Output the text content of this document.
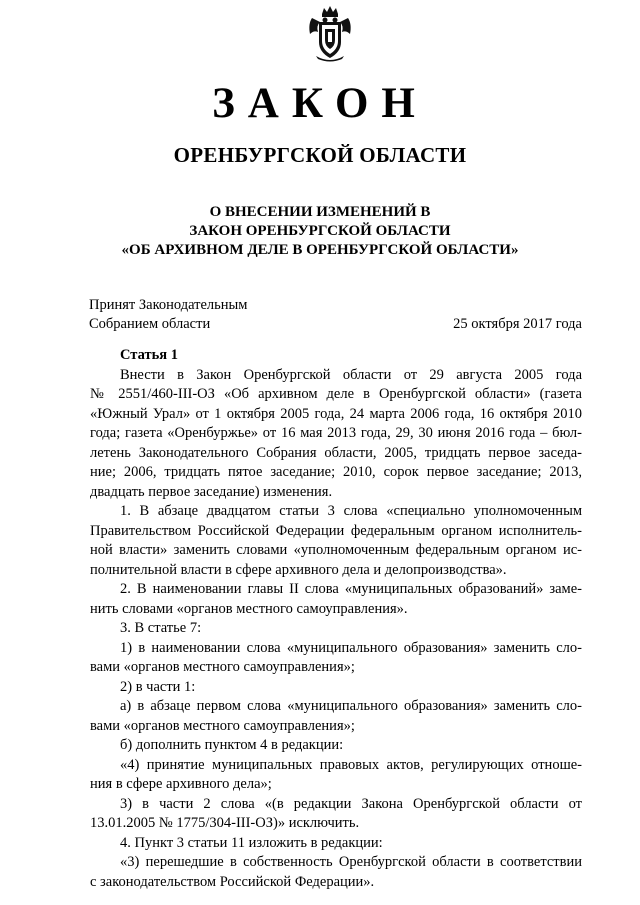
ЗАКОН
ОРЕНБУРГСКОЙ ОБЛАСТИ
О ВНЕСЕНИИ ИЗМЕНЕНИЙ В
ЗАКОН ОРЕНБУРГСКОЙ ОБЛАСТИ
«ОБ АРХИВНОМ ДЕЛЕ В ОРЕНБУРГСКОЙ ОБЛАСТИ»
Принят Законодательным
Собранием области	25 октября 2017 года
Статья 1
Внести в Закон Оренбургской области от 29 августа 2005 года
№ 2551/460-III-ОЗ «Об архивном деле в Оренбургской области» (газета
«Южный Урал» от 1 октября 2005 года, 24 марта 2006 года, 16 октября 2010
года; газета «Оренбуржье» от 16 мая 2013 года, 29, 30 июня 2016 года – бюл-
летень Законодательного Собрания области, 2005, тридцать первое заседа-
ние; 2006, тридцать пятое заседание; 2010, сорок первое заседание; 2013,
двадцать первое заседание) изменения.
1. В абзаце двадцатом статьи 3 слова «специально уполномоченным
Правительством Российской Федерации федеральным органом исполнитель-
ной власти» заменить словами «уполномоченным федеральным органом ис-
полнительной власти в сфере архивного дела и делопроизводства».
2. В наименовании главы II слова «муниципальных образований» заме-
нить словами «органов местного самоуправления».
3. В статье 7:
1) в наименовании слова «муниципального образования» заменить сло-
вами «органов местного самоуправления»;
2) в части 1:
а) в абзаце первом слова «муниципального образования» заменить сло-
вами «органов местного самоуправления»;
б) дополнить пунктом 4 в редакции:
«4) принятие муниципальных правовых актов, регулирующих отноше-
ния в сфере архивного дела»;
3) в части 2 слова «(в редакции Закона Оренбургской области от
13.01.2005 № 1775/304-III-ОЗ)» исключить.
4. Пункт 3 статьи 11 изложить в редакции:
«3) перешедшие в собственность Оренбургской области в соответствии
с законодательством Российской Федерации».
